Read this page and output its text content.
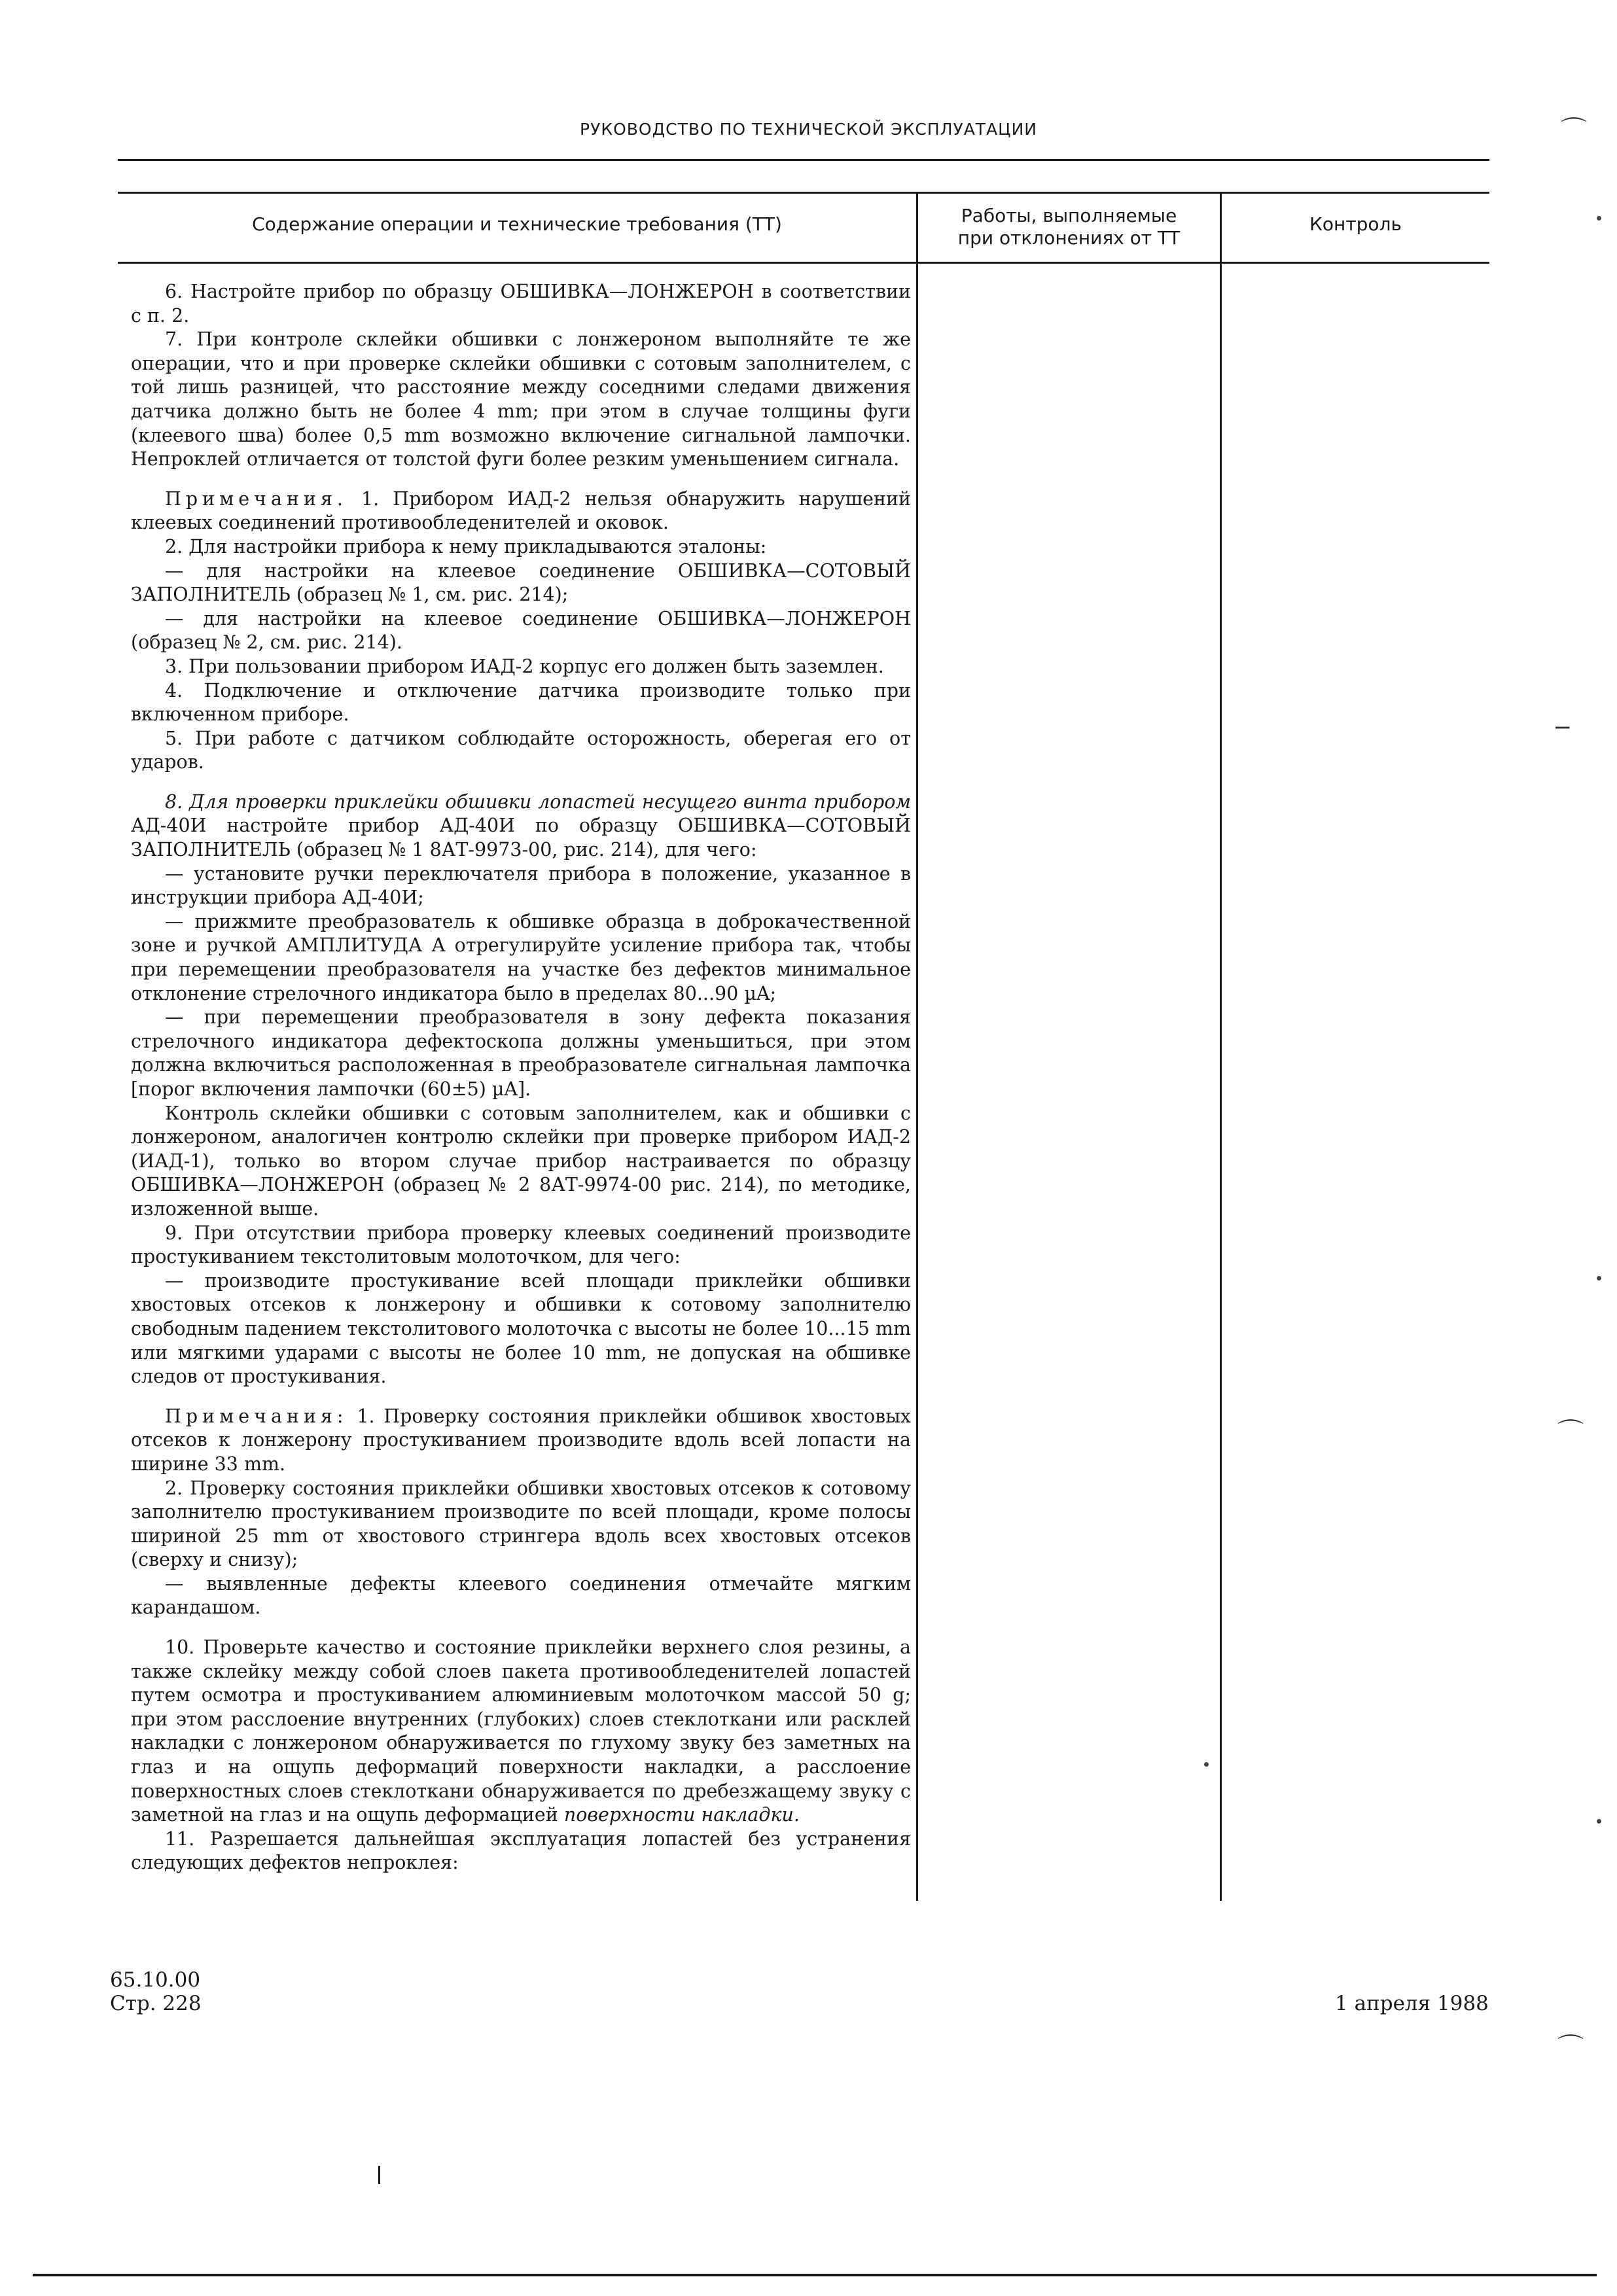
РУКОВОДСТВО ПО ТЕХНИЧЕСКОЙ ЭКСПЛУАТАЦИИ
Содержание операции и технические требования (ТТ)	Работы, выполняемые
при отклонениях от ТТ
Контроль

6. Настройте прибор по образцу ОБШИВКА—ЛОНЖЕРОН в соответствии с п. 2.

7. При контроле склейки обшивки с лонжероном выполняйте те же операции, что и при проверке склейки обшивки с сотовым заполнителем, с той лишь разницей, что расстояние между соседними следами движения датчика должно быть не более 4 mm; при этом в случае толщины фуги (клеевого шва) более 0,5 mm возможно включение сигнальной лампочки. Непроклей отличается от толстой фуги более резким уменьшением сигнала.

Примечания. 1. Прибором ИАД-2 нельзя обнаружить нарушений клеевых соединений противообледенителей и оковок.

2. Для настройки прибора к нему прикладываются эталоны:

— для настройки на клеевое соединение ОБШИВКА—СОТОВЫЙ ЗАПОЛНИТЕЛЬ (образец № 1, см. рис. 214);

— для настройки на клеевое соединение ОБШИВКА—ЛОНЖЕРОН (образец № 2, см. рис. 214).

3. При пользовании прибором ИАД-2 корпус его должен быть заземлен.

4. Подключение и отключение датчика производите только при включенном приборе.

5. При работе с датчиком соблюдайте осторожность, оберегая его от ударов.

8. Для проверки приклейки обшивки лопастей несущего винта прибором АД-40И настройте прибор АД-40И по образцу ОБШИВКА—СОТОВЫЙ ЗАПОЛНИТЕЛЬ (образец № 1 8АТ-9973-00, рис. 214), для чего:

— установите ручки переключателя прибора в положение, указанное в инструкции прибора АД-40И;

— прижмите преобразователь к обшивке образца в доброкачественной зоне и ручкой АМПЛИТУДА А отрегулируйте усиление прибора так, чтобы при перемещении преобразователя на участке без дефектов минимальное отклонение стрелочного индикатора было в пределах 80...90 µA;

— при перемещении преобразователя в зону дефекта показания стрелочного индикатора дефектоскопа должны уменьшиться, при этом должна включиться расположенная в преобразователе сигнальная лампочка [порог включения лампочки (60±5) µA].

Контроль склейки обшивки с сотовым заполнителем, как и обшивки с лонжероном, аналогичен контролю склейки при проверке прибором ИАД-2 (ИАД-1), только во втором случае прибор настраивается по образцу ОБШИВКА—ЛОНЖЕРОН (образец № 2 8АТ-9974-00 рис. 214), по методике, изложенной выше.

9. При отсутствии прибора проверку клеевых соединений производите простукиванием текстолитовым молоточком, для чего:

— производите простукивание всей площади приклейки обшивки хвостовых отсеков к лонжерону и обшивки к сотовому заполнителю свободным падением текстолитового молоточка с высоты не более 10...15 mm или мягкими ударами с высоты не более 10 mm, не допуская на обшивке следов от простукивания.

Примечания: 1. Проверку состояния приклейки обшивок хвостовых отсеков к лонжерону простукиванием производите вдоль всей лопасти на ширине 33 mm.

2. Проверку состояния приклейки обшивки хвостовых отсеков к сотовому заполнителю простукиванием производите по всей площади, кроме полосы шириной 25 mm от хвостового стрингера вдоль всех хвостовых отсеков (сверху и снизу);

— выявленные дефекты клеевого соединения отмечайте мягким карандашом.

10. Проверьте качество и состояние приклейки верхнего слоя резины, а также склейку между собой слоев пакета противообледенителей лопастей путем осмотра и простукиванием алюминиевым молоточком массой 50 g; при этом расслоение внутренних (глубоких) слоев стеклоткани или расклей накладки с лонжероном обнаруживается по глухому звуку без заметных на глаз и на ощупь деформаций поверхности накладки, а расслоение поверхностных слоев стеклоткани обнаруживается по дребезжащему звуку с заметной на глаз и на ощупь деформацией поверхности накладки.

11. Разрешается дальнейшая эксплуатация лопастей без устранения следующих дефектов непроклея:

65.10.00
Стр. 228	1 апреля 1988
⌒
‒
⌒
⌒
